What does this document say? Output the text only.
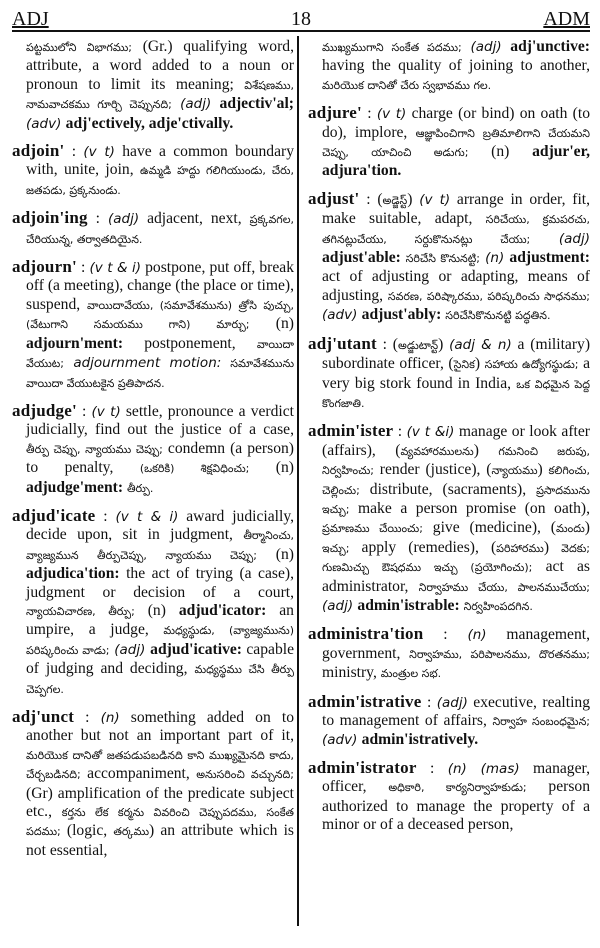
ADJ	18	ADM

పట్టములోని విభాగము; (Gr.) qualifying word, attribute, a word added to a noun or pronoun to limit its meaning; విశేషణము, నామవాచకము గూర్చి చెప్పునది; (adj) adjectiv'al; (adv) adj'ectively, adje'ctivally.

adjoin' : (v t) have a common boundary with, unite, join, ఉమ్మడి హద్దు గలిగియుండు, చేరు, జతపడు, ప్రక్కనుండు.

adjoin'ing : (adj) adjacent, next, ప్రక్కవగల, చేరియున్న, తర్వాతదియైన.

adjourn' : (v t & i) postpone, put off, break off (a meeting), change (the place or time), suspend, వాయిదావేయు, (సమావేశమును) త్రోసి పుచ్చు, (వేటుగాని సమయము గాని) మార్చు; (n) adjourn'ment: postponement, వాయిదా వేయుట; adjournment motion: సమావేశమును వాయిదా వేయుటకైన ప్రతిపాదన.

adjudge' : (v t) settle, pronounce a verdict judicially, find out the justice of a case, తీర్పు చెప్పు, న్యాయము చెప్పు; condemn (a person) to penalty, (ఒకరికి) శిక్షవిధించు; (n) adjudge'ment: తీర్పు.

adjud'icate : (v t & i) award judicially, decide upon, sit in judgment, తీర్మానించు, వ్యాజ్యమున తీర్పుచెప్పు, న్యాయము చెప్పు; (n) adjudica'tion: the act of trying (a case), judgment or decision of a court, న్యాయవిచారణ, తీర్పు; (n) adjud'icator: an umpire, a judge, మధ్యస్థుడు, (వ్యాజ్యమును) పరిష్కరించు వాడు; (adj) adjud'icative: capable of judging and deciding, మధ్యస్థము చేసి తీర్పు చెప్పగల.

adj'unct : (n) something added on to another but not an important part of it, మరియొక దానితో జతపడుపబడినది కాని ముఖ్యమైనది కాదు, చేర్చబడినది; accompaniment, అనుసరించి వచ్చునది; (Gr) amplification of the predicate subject etc., కర్తను లేక కర్మను వివరించి చెప్పుపదము, సంకేత పదము; (logic, తర్కము) an attribute which is not essential,

ముఖ్యముగాని సంకేత పదము; (adj) adj'unctive: having the quality of joining to another, మరియొక దానితో చేరు స్వభావము గల.

adjure' : (v t) charge (or bind) on oath (to do), implore, ఆజ్ఞాపించిగాని బ్రతిమాలిగాని చేయమని చెప్పు, యాచించి అడుగు; (n) adjur'er, adjura'tion.

adjust' : (అడ్జెస్ట్) (v t) arrange in order, fit, make suitable, adapt, సరిచేయు, క్రమపరచు, తగినట్లుచేయు, సర్దుకొనునట్లు చేయు; (adj) adjust'able: సరిచేసి కొనునట్టి; (n) adjustment: act of adjusting or adapting, means of adjusting, సవరణ, పరిష్కారము, పరిష్కరించు సాధనము; (adv) adjust'ably: సరిచేసికొనునట్టి పద్ధతిన.

adj'utant : (అడ్జుటాన్ట్) (adj & n) a (military) subordinate officer, (సైనిక) సహాయ ఉద్యోగస్థుడు; a very big stork found in India, ఒక విధమైన పెద్ద కొంగజాతి.

admin'ister : (v t &i) manage or look after (affairs), (వ్యవహారములను) గమనించి జరుపు, నిర్వహించు; render (justice), (న్యాయము) కలిగించు, చెల్లించు; distribute, (sacraments), ప్రసాదమును ఇచ్చు; make a person promise (on oath), ప్రమాణము చేయించు; give (medicine), (మందు) ఇచ్చు; apply (remedies), (పరిహారము) వెదకు; గుణమిచ్చు ఔషధము ఇచ్చు (ప్రయోగించు); act as administrator, నిర్వాహము చేయు, పాలనముచేయు; (adj) admin'istrable: నిర్వహింపదగిన.

administra'tion : (n) management, government, నిర్వాహము, పరిపాలనము, దొరతనము; ministry, మంత్రుల సభ.

admin'istrative : (adj) executive, realting to management of affairs, నిర్వాహ సంబంధమైన; (adv) admin'istratively.

admin'istrator : (n) (mas) manager, officer, అధికారి, కార్యనిర్వాహకుడు; person authorized to manage the property of a minor or of a deceased person,
